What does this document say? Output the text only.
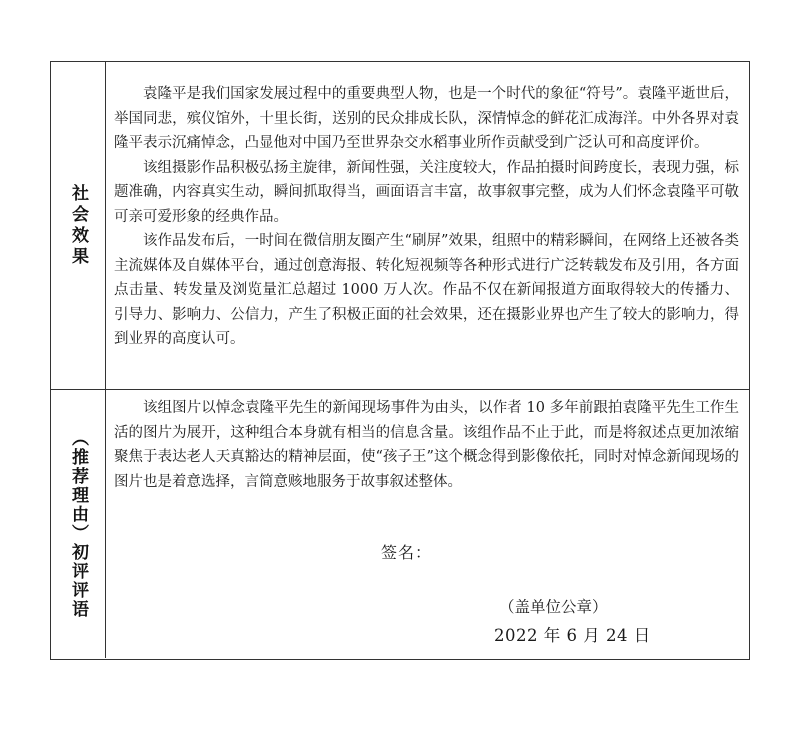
社会效果

袁隆平是我们国家发展过程中的重要典型人物，也是一个时代的象征“符号”。袁隆平逝世后，举国同悲，殡仪馆外，十里长街，送别的民众排成长队，深情悼念的鲜花汇成海洋。中外各界对袁隆平表示沉痛悼念，凸显他对中国乃至世界杂交水稻事业所作贡献受到广泛认可和高度评价。

该组摄影作品积极弘扬主旋律，新闻性强，关注度较大，作品拍摄时间跨度长，表现力强，标题准确，内容真实生动，瞬间抓取得当，画面语言丰富，故事叙事完整，成为人们怀念袁隆平可敬可亲可爱形象的经典作品。

该作品发布后，一时间在微信朋友圈产生“刷屏”效果，组照中的精彩瞬间，在网络上还被各类主流媒体及自媒体平台，通过创意海报、转化短视频等各种形式进行广泛转载发布及引用，各方面点击量、转发量及浏览量汇总超过 1000 万人次。作品不仅在新闻报道方面取得较大的传播力、引导力、影响力、公信力，产生了积极正面的社会效果，还在摄影业界也产生了较大的影响力，得到业界的高度认可。

（推荐理由）初评评语

该组图片以悼念袁隆平先生的新闻现场事件为由头，以作者 10 多年前跟拍袁隆平先生工作生活的图片为展开，这种组合本身就有相当的信息含量。该组作品不止于此，而是将叙述点更加浓缩聚焦于表达老人天真豁达的精神层面，使“孩子王”这个概念得到影像依托，同时对悼念新闻现场的图片也是着意选择，言简意赅地服务于故事叙述整体。

签名：
（盖单位公章）
2022 年 6 月 24 日
